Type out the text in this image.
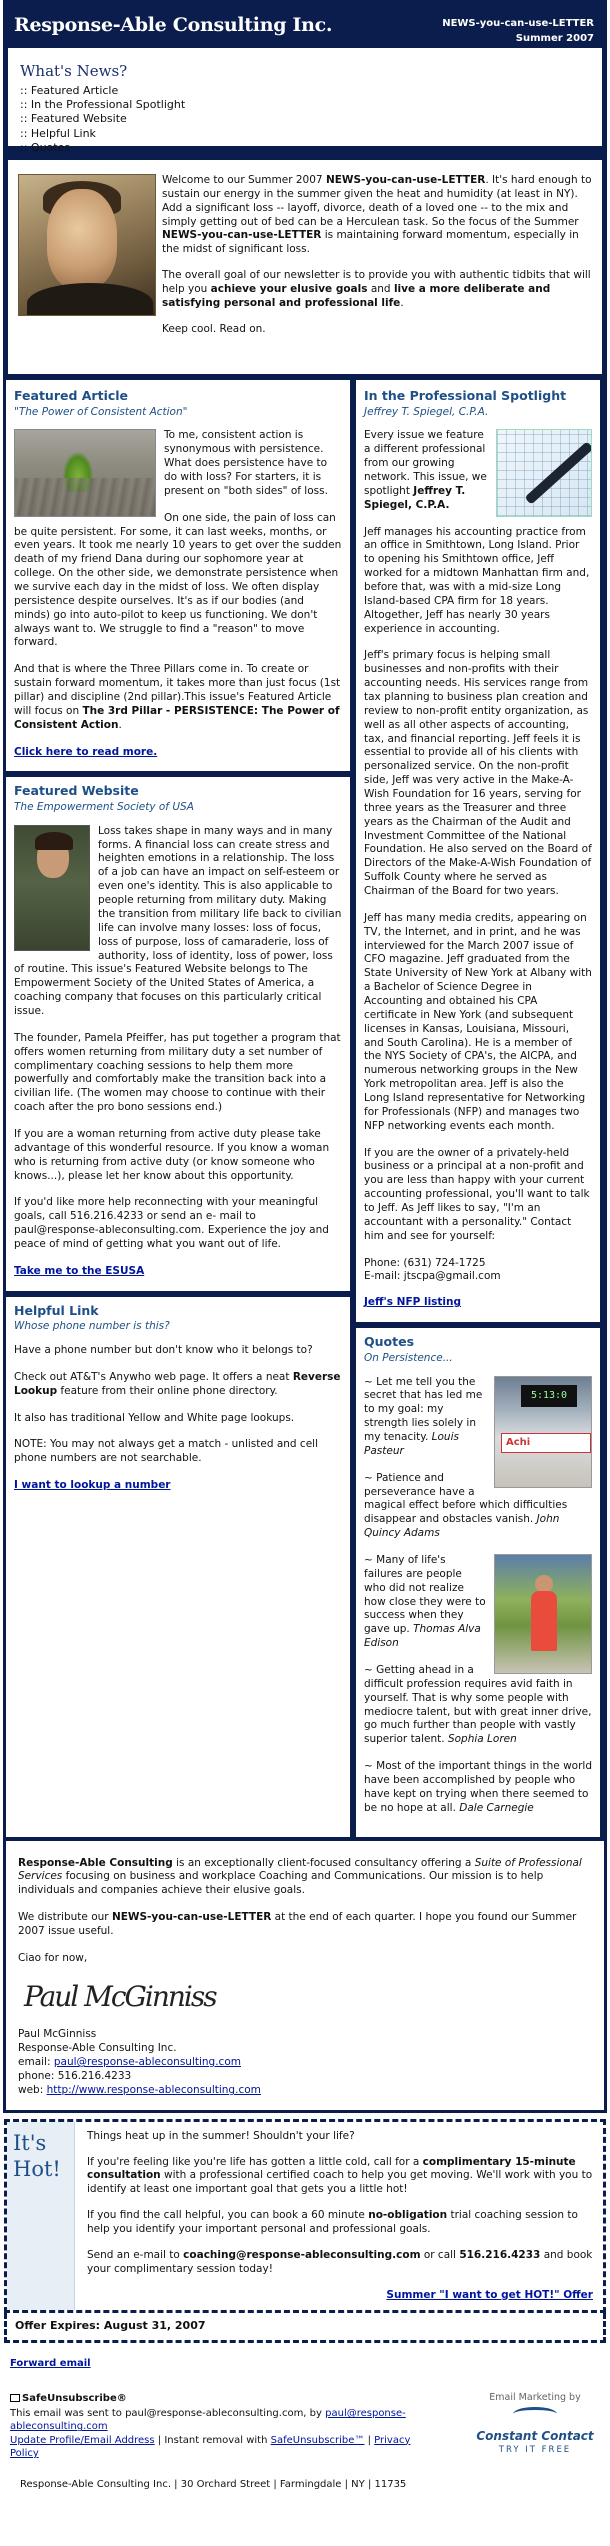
Response-Able Consulting Inc.	NEWS-you-can-use-LETTER
Summer 2007
What's News?
:: Featured Article
:: In the Professional Spotlight
:: Featured Website
:: Helpful Link
:: Quotes

Welcome to our Summer 2007 NEWS-you-can-use-LETTER. It's hard enough to sustain our energy in the summer given the heat and humidity (at least in NY). Add a significant loss -- layoff, divorce, death of a loved one -- to the mix and simply getting out of bed can be a Herculean task. So the focus of the Summer NEWS-you-can-use-LETTER is maintaining forward momentum, especially in the midst of significant loss.

The overall goal of our newsletter is to provide you with authentic tidbits that will help you achieve your elusive goals and live a more deliberate and satisfying personal and professional life.

Keep cool. Read on.

Featured Article
"The Power of Consistent Action"

To me, consistent action is synonymous with persistence. What does persistence have to do with loss? For starters, it is present on "both sides" of loss.

On one side, the pain of loss can be quite persistent. For some, it can last weeks, months, or even years. It took me nearly 10 years to get over the sudden death of my friend Dana during our sophomore year at college. On the other side, we demonstrate persistence when we survive each day in the midst of loss. We often display persistence despite ourselves. It's as if our bodies (and minds) go into auto-pilot to keep us functioning. We don't always want to. We struggle to find a "reason" to move forward.

And that is where the Three Pillars come in. To create or sustain forward momentum, it takes more than just focus (1st pillar) and discipline (2nd pillar).This issue's Featured Article will focus on The 3rd Pillar - PERSISTENCE: The Power of Consistent Action.

Click here to read more.
Featured Website
The Empowerment Society of USA

Loss takes shape in many ways and in many forms. A financial loss can create stress and heighten emotions in a relationship. The loss of a job can have an impact on self-esteem or even one's identity. This is also applicable to people returning from military duty. Making the transition from military life back to civilian life can involve many losses: loss of focus, loss of purpose, loss of camaraderie, loss of authority, loss of identity, loss of power, loss of routine. This issue's Featured Website belongs to The Empowerment Society of the United States of America, a coaching company that focuses on this particularly critical issue.

The founder, Pamela Pfeiffer, has put together a program that offers women returning from military duty a set number of complimentary coaching sessions to help them more powerfully and comfortably make the transition back into a civilian life. (The women may choose to continue with their coach after the pro bono sessions end.)

If you are a woman returning from active duty please take advantage of this wonderful resource. If you know a woman who is returning from active duty (or know someone who knows...), please let her know about this opportunity.

If you'd like more help reconnecting with your meaningful goals, call 516.216.4233 or send an e- mail to paul@response-ableconsulting.com. Experience the joy and peace of mind of getting what you want out of life.

Take me to the ESUSA
Helpful Link
Whose phone number is this?

Have a phone number but don't know who it belongs to?

Check out AT&T's Anywho web page. It offers a neat Reverse Lookup feature from their online phone directory.

It also has traditional Yellow and White page lookups.

NOTE: You may not always get a match - unlisted and cell phone numbers are not searchable.

I want to lookup a number
In the Professional Spotlight
Jeffrey T. Spiegel, C.P.A.

Every issue we feature a different professional from our growing network. This issue, we spotlight Jeffrey T. Spiegel, C.P.A.

Jeff manages his accounting practice from an office in Smithtown, Long Island. Prior to opening his Smithtown office, Jeff worked for a midtown Manhattan firm and, before that, was with a mid-size Long Island-based CPA firm for 18 years. Altogether, Jeff has nearly 30 years experience in accounting.

Jeff's primary focus is helping small businesses and non-profits with their accounting needs. His services range from tax planning to business plan creation and review to non-profit entity organization, as well as all other aspects of accounting, tax, and financial reporting. Jeff feels it is essential to provide all of his clients with personalized service. On the non-profit side, Jeff was very active in the Make-A-Wish Foundation for 16 years, serving for three years as the Treasurer and three years as the Chairman of the Audit and Investment Committee of the National Foundation. He also served on the Board of Directors of the Make-A-Wish Foundation of Suffolk County where he served as Chairman of the Board for two years.

Jeff has many media credits, appearing on TV, the Internet, and in print, and he was interviewed for the March 2007 issue of CFO magazine. Jeff graduated from the State University of New York at Albany with a Bachelor of Science Degree in Accounting and obtained his CPA certificate in New York (and subsequent licenses in Kansas, Louisiana, Missouri, and South Carolina). He is a member of the NYS Society of CPA's, the AICPA, and numerous networking groups in the New York metropolitan area. Jeff is also the Long Island representative for Networking for Professionals (NFP) and manages two NFP networking events each month.

If you are the owner of a privately-held business or a principal at a non-profit and you are less than happy with your current accounting professional, you'll want to talk to Jeff. As Jeff likes to say, "I'm an accountant with a personality." Contact him and see for yourself:

Phone: (631) 724-1725
E-mail: jtscpa@gmail.com
Jeff's NFP listing
Quotes
On Persistence...
5:13:0
Achi

~ Let me tell you the secret that has led me to my goal: my strength lies solely in my tenacity. Louis Pasteur

~ Patience and perseverance have a magical effect before which difficulties disappear and obstacles vanish. John Quincy Adams

~ Many of life's failures are people who did not realize how close they were to success when they gave up. Thomas Alva Edison

~ Getting ahead in a difficult profession requires avid faith in yourself. That is why some people with mediocre talent, but with great inner drive, go much further than people with vastly superior talent. Sophia Loren

~ Most of the important things in the world have been accomplished by people who have kept on trying when there seemed to be no hope at all. Dale Carnegie

Response-Able Consulting is an exceptionally client-focused consultancy offering a Suite of Professional Services focusing on business and workplace Coaching and Communications. Our mission is to help individuals and companies achieve their elusive goals.

We distribute our NEWS-you-can-use-LETTER at the end of each quarter. I hope you found our Summer 2007 issue useful.

Ciao for now,

Paul McGinniss
Paul McGinniss
Response-Able Consulting Inc.
email: paul@response-ableconsulting.com
phone: 516.216.4233
web: http://www.response-ableconsulting.com
It's Hot!

Things heat up in the summer! Shouldn't your life?

If you're feeling like you're life has gotten a little cold, call for a complimentary 15-minute consultation with a professional certified coach to help you get moving. We'll work with you to identify at least one important goal that gets you a little hot!

If you find the call helpful, you can book a 60 minute no-obligation trial coaching session to help you identify your important personal and professional goals.

Send an e-mail to coaching@response-ableconsulting.com or call 516.216.4233 and book your complimentary session today!

Summer "I want to get HOT!" Offer
Offer Expires: August 31, 2007
Forward email
SafeUnsubscribe®
This email was sent to paul@response-ableconsulting.com, by paul@response-ableconsulting.com
Update Profile/Email Address | Instant removal with SafeUnsubscribe™ | Privacy Policy
Email Marketing by
Constant Contact
TRY IT FREE
Response-Able Consulting Inc. | 30 Orchard Street | Farmingdale | NY | 11735
